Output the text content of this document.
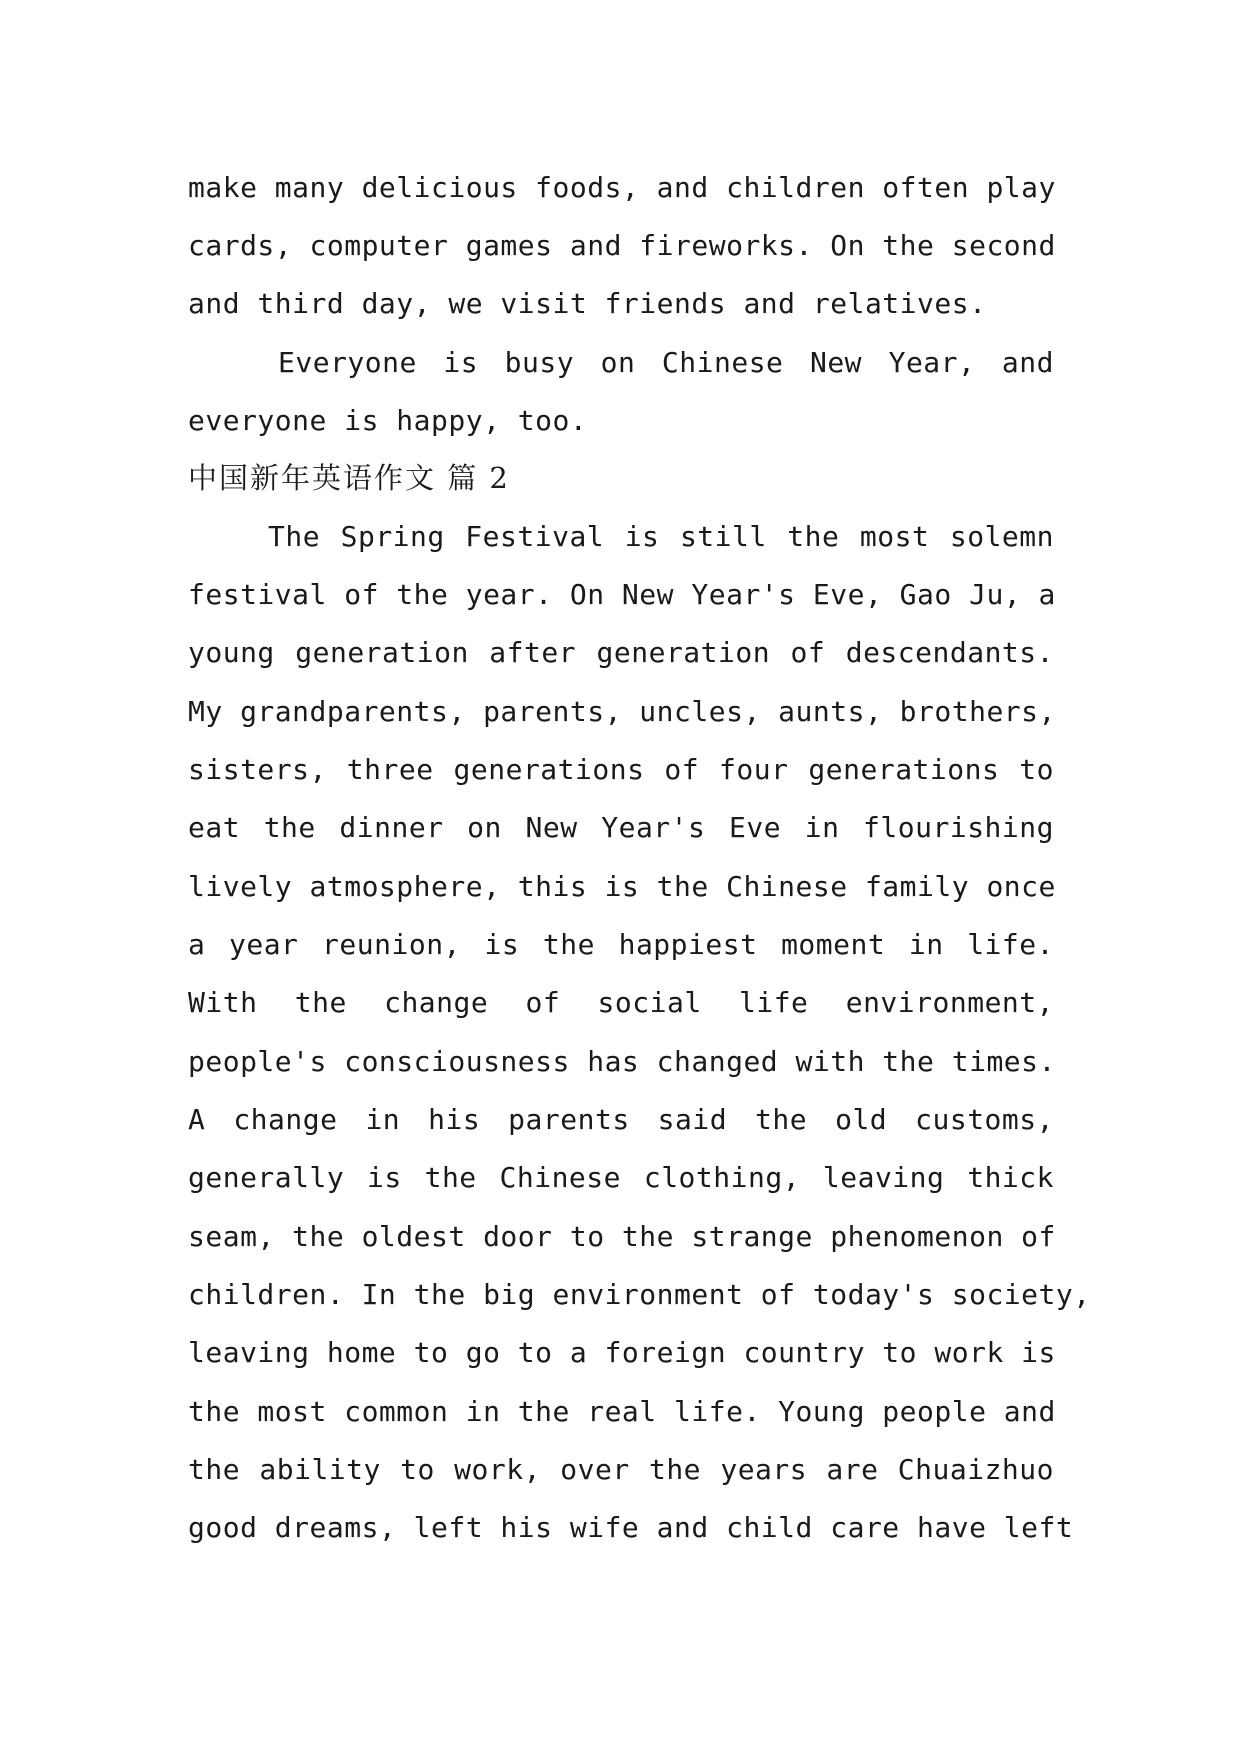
make many delicious foods, and children often play
cards, computer games and fireworks. On the second
and third day, we visit friends and relatives.
Everyone is busy on Chinese New Year, and
everyone is happy, too.
中国新年英语作文 篇 2
The Spring Festival is still the most solemn
festival of the year. On New Year's Eve, Gao Ju, a
young generation after generation of descendants.
My grandparents, parents, uncles, aunts, brothers,
sisters, three generations of four generations to
eat the dinner on New Year's Eve in flourishing
lively atmosphere, this is the Chinese family once
a year reunion, is the happiest moment in life.
With the change of social life environment,
people's consciousness has changed with the times.
A change in his parents said the old customs,
generally is the Chinese clothing, leaving thick
seam, the oldest door to the strange phenomenon of
children. In the big environment of today's society,
leaving home to go to a foreign country to work is
the most common in the real life. Young people and
the ability to work, over the years are Chuaizhuo
good dreams, left his wife and child care have left
